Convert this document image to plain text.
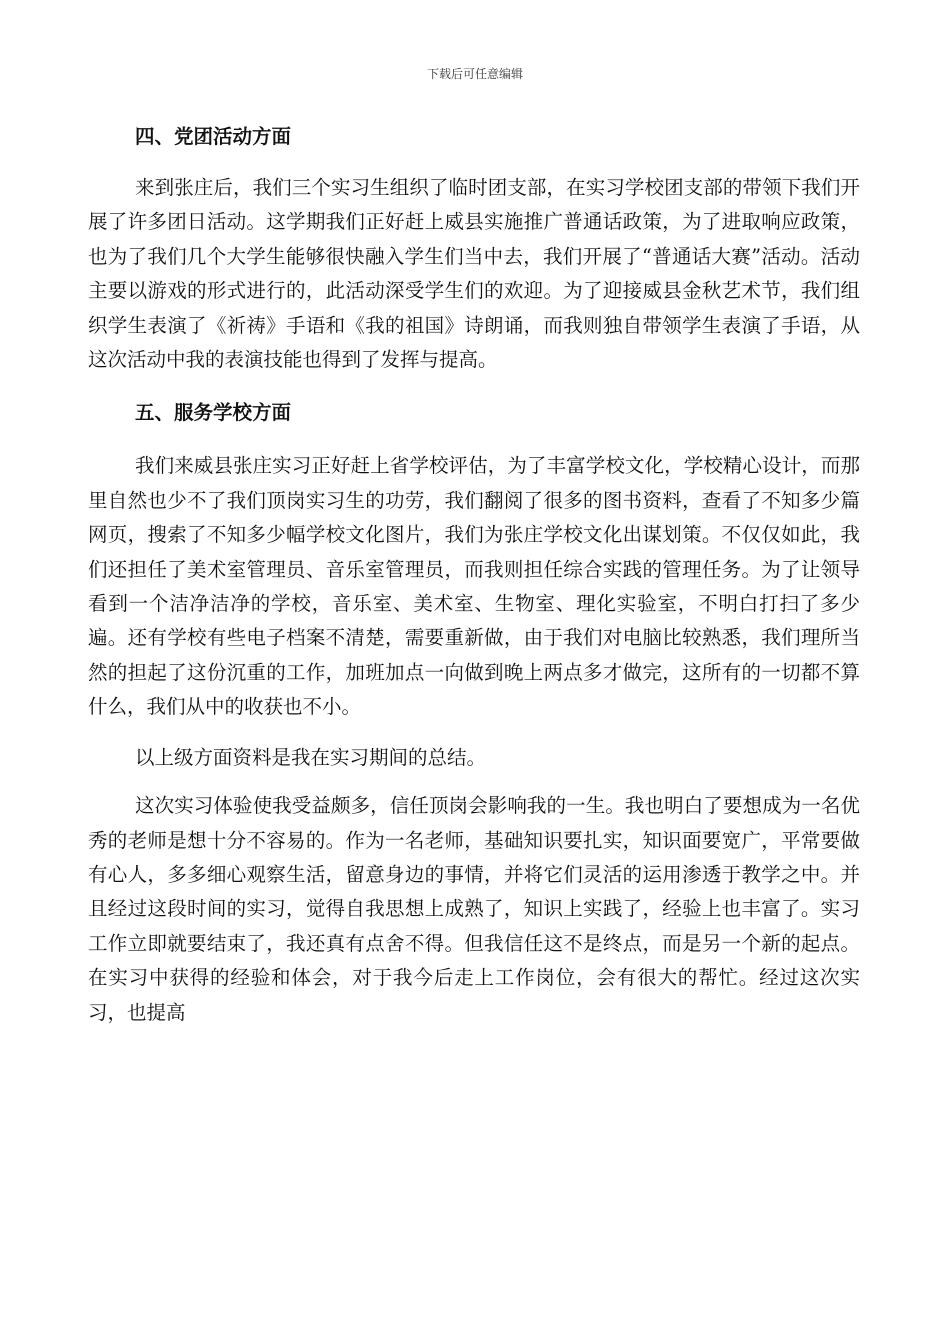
下载后可任意编辑
四、党团活动方面

来到张庄后，我们三个实习生组织了临时团支部，在实习学校团支部的带领下我们开展了许多团日活动。这学期我们正好赶上威县实施推广普通话政策，为了进取响应政策，也为了我们几个大学生能够很快融入学生们当中去，我们开展了“普通话大赛”活动。活动主要以游戏的形式进行的，此活动深受学生们的欢迎。为了迎接威县金秋艺术节，我们组织学生表演了《祈祷》手语和《我的祖国》诗朗诵，而我则独自带领学生表演了手语，从这次活动中我的表演技能也得到了发挥与提高。

五、服务学校方面

我们来威县张庄实习正好赶上省学校评估，为了丰富学校文化，学校精心设计，而那里自然也少不了我们顶岗实习生的功劳，我们翻阅了很多的图书资料，查看了不知多少篇网页，搜索了不知多少幅学校文化图片，我们为张庄学校文化出谋划策。不仅仅如此，我们还担任了美术室管理员、音乐室管理员，而我则担任综合实践的管理任务。为了让领导看到一个洁净洁净的学校，音乐室、美术室、生物室、理化实验室，不明白打扫了多少遍。还有学校有些电子档案不清楚，需要重新做，由于我们对电脑比较熟悉，我们理所当然的担起了这份沉重的工作，加班加点一向做到晚上两点多才做完，这所有的一切都不算什么，我们从中的收获也不小。

以上级方面资料是我在实习期间的总结。

这次实习体验使我受益颇多，信任顶岗会影响我的一生。我也明白了要想成为一名优秀的老师是想十分不容易的。作为一名老师，基础知识要扎实，知识面要宽广，平常要做有心人，多多细心观察生活，留意身边的事情，并将它们灵活的运用渗透于教学之中。并且经过这段时间的实习，觉得自我思想上成熟了，知识上实践了，经验上也丰富了。实习工作立即就要结束了，我还真有点舍不得。但我信任这不是终点，而是另一个新的起点。在实习中获得的经验和体会，对于我今后走上工作岗位，会有很大的帮忙。经过这次实习，也提高
